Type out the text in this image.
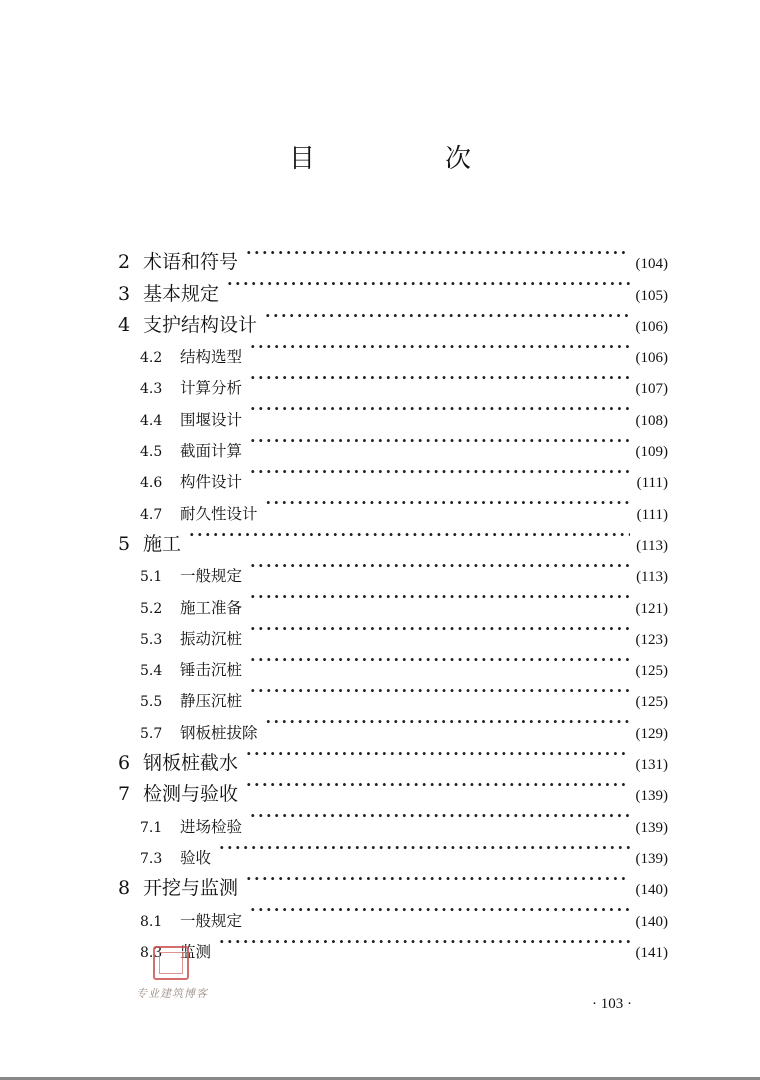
目　次
2 术语和符号 ·····	(104)
3 基本规定 ·····	(105)
4 支护结构设计 ·····	(106)
4.2	结构选型 ·····	(106)
4.3	计算分析 ·····	(107)
4.4	围堰设计 ·····	(108)
4.5	截面计算 ·····	(109)
4.6	构件设计 ·····	(111)
4.7	耐久性设计 ·····	(111)
5 施工 ·····	(113)
5.1	一般规定 ·····	(113)
5.2	施工准备 ·····	(121)
5.3	振动沉桩 ·····	(123)
5.4	锤击沉桩 ·····	(125)
5.5	静压沉桩 ·····	(125)
5.7	钢板桩拔除 ·····	(129)
6 钢板桩截水 ·····	(131)
7 检测与验收 ·····	(139)
7.1	进场检验 ·····	(139)
7.3	验收 ·····	(139)
8 开挖与监测 ·····	(140)
8.1	一般规定 ·····	(140)
8.3	监测 ·····	(141)
专业建筑博客
· 103 ·
